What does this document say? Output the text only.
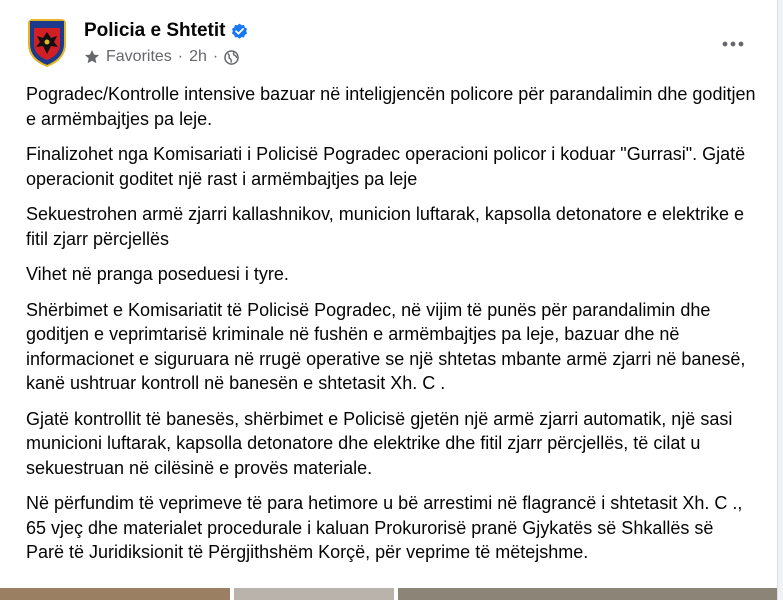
Policia e Shtetit
Favorites · 2h ·

Pogradec/Kontrolle intensive bazuar në inteligjencën policore për parandalimin dhe goditjen e armëmbajtjes pa leje.

Finalizohet nga Komisariati i Policisë Pogradec operacioni policor i koduar "Gurrasi". Gjatë operacionit goditet një rast i armëmbajtjes pa leje

Sekuestrohen armë zjarri kallashnikov, municion luftarak, kapsolla detonatore e elektrike e fitil zjarr përcjellës

Vihet në pranga poseduesi i tyre.

Shërbimet e Komisariatit të Policisë Pogradec, në vijim të punës për parandalimin dhe goditjen e veprimtarisë kriminale në fushën e armëmbajtjes pa leje, bazuar dhe në informacionet e siguruara në rrugë operative se një shtetas mbante armë zjarri në banesë, kanë ushtruar kontroll në banesën e shtetasit Xh. C .

Gjatë kontrollit të banesës, shërbimet e Policisë gjetën një armë zjarri automatik, një sasi municioni luftarak, kapsolla detonatore dhe elektrike dhe fitil zjarr përcjellës, të cilat u sekuestruan në cilësinë e provës materiale.

Në përfundim të veprimeve të para hetimore u bë arrestimi në flagrancë i shtetasit Xh. C ., 65 vjeç dhe materialet procedurale i kaluan Prokurorisë pranë Gjykatës së Shkallës së Parë të Juridiksionit të Përgjithshëm Korçë, për veprime të mëtejshme.
